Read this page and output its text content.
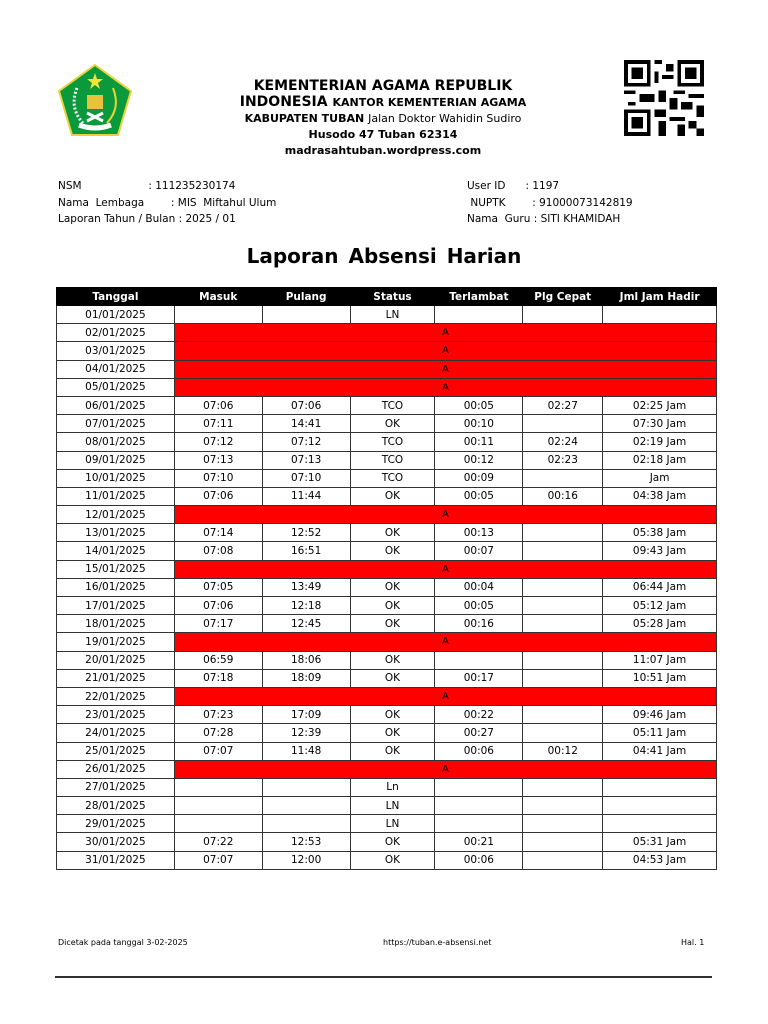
KEMENTERIAN AGAMA REPUBLIK
INDONESIA KANTOR KEMENTERIAN AGAMA
KABUPATEN TUBAN Jalan Doktor Wahidin Sudiro
Husodo 47 Tuban 62314
madrasahtuban.wordpress.com
NSM                    : 111235230174
Nama  Lembaga        : MIS  Miftahul Ulum
Laporan Tahun / Bulan : 2025 / 01
User ID      : 1197
NUPTK        : 91000073142819
Nama  Guru : SITI KHAMIDAH
Laporan Absensi Harian
Tanggal	Masuk	Pulang	Status	Terlambat	Plg Cepat	Jml Jam Hadir
01/01/2025			LN			
02/01/2025	A					
03/01/2025	A					
04/01/2025	A					
05/01/2025	A					
06/01/2025	07:06	07:06	TCO	00:05	02:27	02:25 Jam
07/01/2025	07:11	14:41	OK	00:10		07:30 Jam
08/01/2025	07:12	07:12	TCO	00:11	02:24	02:19 Jam
09/01/2025	07:13	07:13	TCO	00:12	02:23	02:18 Jam
10/01/2025	07:10	07:10	TCO	00:09		Jam
11/01/2025	07:06	11:44	OK	00:05	00:16	04:38 Jam
12/01/2025	A					
13/01/2025	07:14	12:52	OK	00:13		05:38 Jam
14/01/2025	07:08	16:51	OK	00:07		09:43 Jam
15/01/2025	A					
16/01/2025	07:05	13:49	OK	00:04		06:44 Jam
17/01/2025	07:06	12:18	OK	00:05		05:12 Jam
18/01/2025	07:17	12:45	OK	00:16		05:28 Jam
19/01/2025	A					
20/01/2025	06:59	18:06	OK			11:07 Jam
21/01/2025	07:18	18:09	OK	00:17		10:51 Jam
22/01/2025	A					
23/01/2025	07:23	17:09	OK	00:22		09:46 Jam
24/01/2025	07:28	12:39	OK	00:27		05:11 Jam
25/01/2025	07:07	11:48	OK	00:06	00:12	04:41 Jam
26/01/2025	A					
27/01/2025			Ln			
28/01/2025			LN			
29/01/2025			LN			
30/01/2025	07:22	12:53	OK	00:21		05:31 Jam
31/01/2025	07:07	12:00	OK	00:06		04:53 Jam
Dicetak pada tanggal 3-02-2025	https://tuban.e-absensi.net	Hal. 1
